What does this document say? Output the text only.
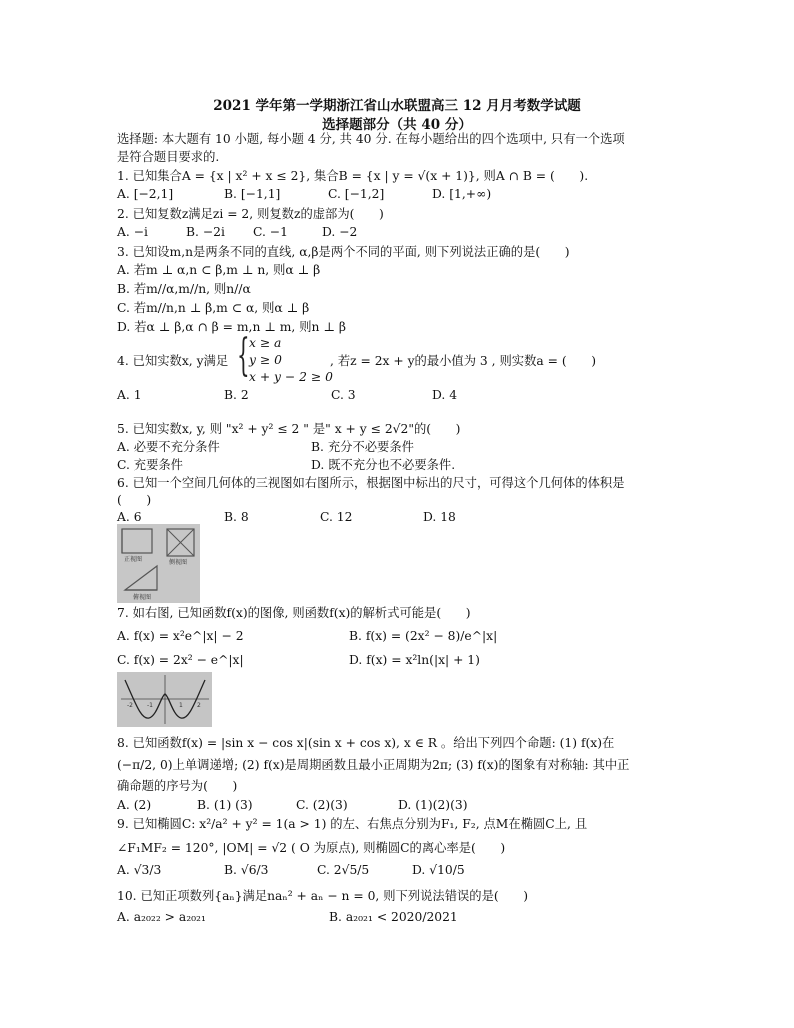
2021 学年第一学期浙江省山水联盟高三 12 月月考数学试题
选择题部分（共 40 分）
选择题: 本大题有 10 小题, 每小题 4 分, 共 40 分. 在每小题给出的四个选项中, 只有一个选项
是符合题目要求的.
1. 已知集合A = {x | x² + x ≤ 2}, 集合B = {x | y = √(x + 1)}, 则A ∩ B = (　　).
A. [−2,1]	B. [−1,1]	C. [−1,2]	D. [1,+∞)
2. 已知复数z满足zi = 2, 则复数z的虚部为(　　)
A. −i	B. −2i C. −1	D. −2
3. 已知设m,n是两条不同的直线, α,β是两个不同的平面, 则下列说法正确的是(　　)
A. 若m ⊥ α,n ⊂ β,m ⊥ n, 则α ⊥ β
B. 若m//α,m//n, 则n//α
C. 若m//n,n ⊥ β,m ⊂ α, 则α ⊥ β
D. 若α ⊥ β,α ∩ β = m,n ⊥ m, 则n ⊥ β
4. 已知实数x, y满足 { x ≥ a
y ≥ 0
x + y − 2 ≥ 0
, 若z = 2x + y的最小值为 3 , 则实数a = (　　)
A. 1	B. 2	C. 3	D. 4
5. 已知实数x, y, 则 "x² + y² ≤ 2 " 是" x + y ≤ 2√2"的(　　)
A. 必要不充分条件	B. 充分不必要条件
C. 充要条件	D. 既不充分也不必要条件.
6. 已知一个空间几何体的三视图如右图所示，根据图中标出的尺寸，可得这个几何体的体积是
(　　)
A. 6	B. 8	C. 12	D. 18
正视图	侧视图
俯视图
7. 如右图, 已知函数f(x)的图像, 则函数f(x)的解析式可能是(　　)
A. f(x) = x²e^|x| − 2	B. f(x) = (2x² − 8)/e^|x|
C. f(x) = 2x² − e^|x|	D. f(x) = x²ln(|x| + 1)
-2 -1	1 2
8. 已知函数f(x) = |sin x − cos x|(sin x + cos x), x ∈ R 。给出下列四个命题: (1) f(x)在
(−π/2, 0)上单调递增; (2) f(x)是周期函数且最小正周期为2π; (3) f(x)的图象有对称轴: 其中正
确命题的序号为(　　)
A. (2)	B. (1) (3)	C. (2)(3)	D. (1)(2)(3)
9. 已知椭圆C: x²/a² + y² = 1(a > 1) 的左、右焦点分别为F₁, F₂, 点M在椭圆C上, 且
∠F₁MF₂ = 120°, |OM| = √2 ( O 为原点), 则椭圆C的离心率是(　　)
A. √3/3	B. √6/3	C. 2√5/5	D. √10/5
10. 已知正项数列{aₙ}满足naₙ² + aₙ − n = 0, 则下列说法错误的是(　　)
A. a₂₀₂₂ > a₂₀₂₁	B. a₂₀₂₁ < 2020/2021
